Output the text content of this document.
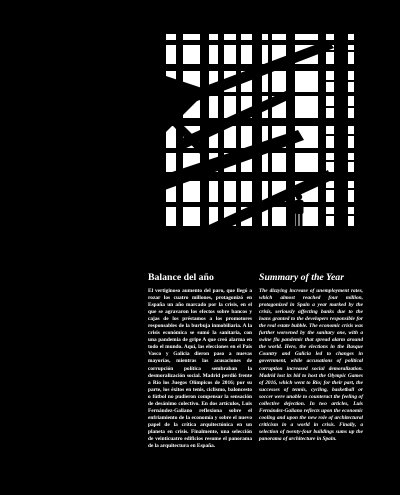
Balance del año

El vertiginoso aumento del paro, que llegó a rozar los cuatro millones, protagonizó en España un año marcado por la crisis, en el que se agravaron los efectos sobre bancos y cajas de los préstamos a los promotores responsables de la burbuja inmobiliaria. A la crisis económica se sumó la sanitaria, con una pandemia de gripe A que creó alarma en todo el mundo. Aquí, las elecciones en el País Vasco y Galicia dieron paso a nuevas mayorías, mientras las acusaciones de corrupción política sembraban la desmoralización social. Madrid perdió frente a Río los Juegos Olímpicos de 2016; por su parte, los éxitos en tenis, ciclismo, baloncesto o fútbol no pudieron compensar la sensación de desánimo colectivo. En dos artículos, Luis Fernández-Galiano reflexiona sobre el enfriamiento de la economía y sobre el nuevo papel de la crítica arquitectónica en un planeta en crisis. Finalmente, una selección de veinticuatro edificios resume el panorama de la arquitectura en España.

Summary of the Year

The dizzying increase of unemployment rates, which almost reached four million, protagonized in Spain a year marked by the crisis, seriously affecting banks due to the loans granted to the developers responsible for the real estate bubble. The economic crisis was further worsened by the sanitary one, with a swine flu pandemic that spread alarm around the world. Here, the elections in the Basque Country and Galicia led to changes in government, while accusations of political corruption increased social demoralization. Madrid lost its bid to host the Olympic Games of 2016, which went to Rio; for their part, the successes of tennis, cycling, basketball or soccer were unable to counteract the feeling of collective dejection. In two articles, Luis Fernández-Galiano reflects upon the economic cooling and upon the new role of architectural criticism in a world in crisis. Finally, a selection of twenty-four buildings sums up the panorama of architecture in Spain.
